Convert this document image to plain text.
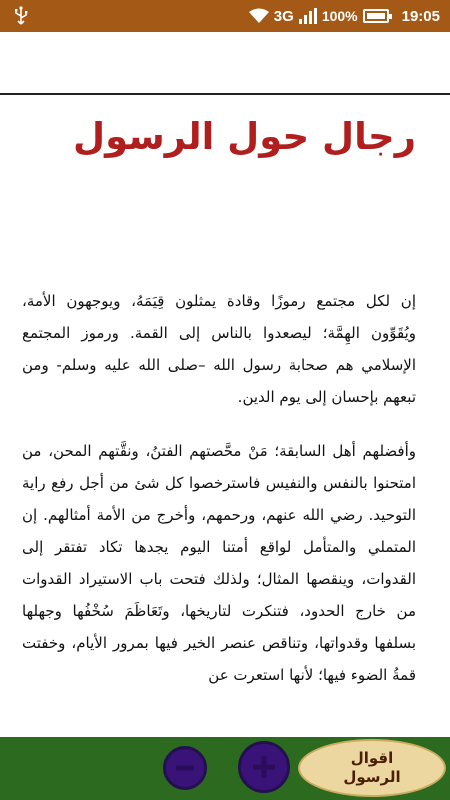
3G 100%	19:05
رجال حول الرسول

إن لكل مجتمع رموزًا وقادة يمثلون قِيَمَهُ، ويوجهون الأمة، ويُقَوِّون الهِمَّة؛ ليصعدوا بالناس إلى القمة. ورموز المجتمع الإسلامي هم صحابة رسول الله –صلى الله عليه وسلم- ومن تبعهم بإحسان إلى يوم الدين.

وأفضلهم أهل السابقة؛ مَنْ محَّصتهم الفتنُ، ونقَّتهم المحن، من امتحنوا بالنفس والنفيس فاسترخصوا كل شئ من أجل رفع راية التوحيد. رضي الله عنهم، ورحمهم، وأخرج من الأمة أمثالهم. إن المتملي والمتأمل لواقع أمتنا اليوم يجدها تكاد تفتقر إلى القدوات، وينقصها المثال؛ ولذلك فتحت باب الاستيراد القدوات من خارج الحدود، فتنكرت لتاريخها، وتَعَاظَمَ سُخْفُها وجهلها بسلفها وقدواتها، وتناقص عنصر الخير فيها بمرور الأيام، وخفتت قمةُ الضوء فيها؛ لأنها استعرت عن

اقوال
الرسول
